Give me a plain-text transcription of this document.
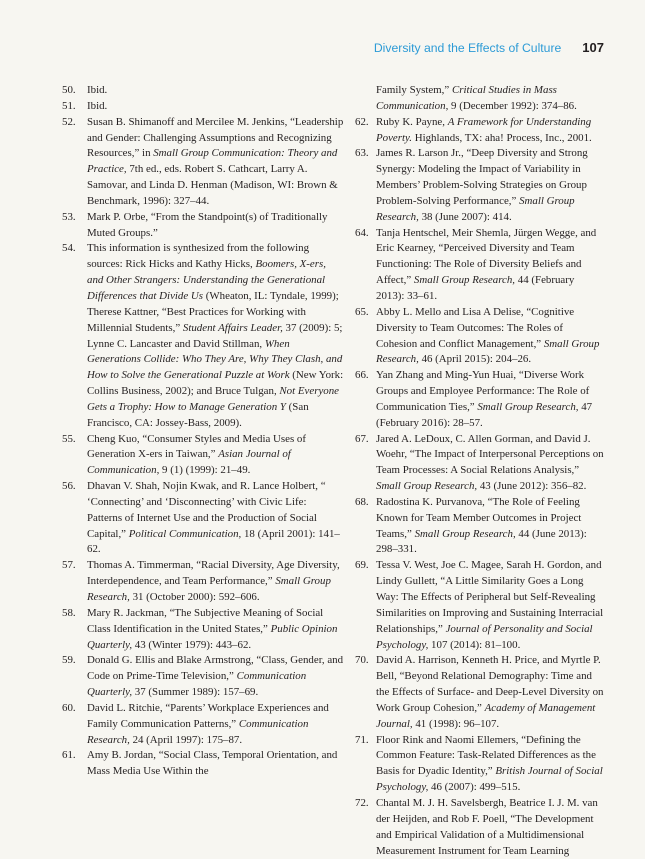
Diversity and the Effects of Culture 107
50. Ibid.
51. Ibid.
52. Susan B. Shimanoff and Mercilee M. Jenkins, “Leadership and Gender: Challenging Assumptions and Recognizing Resources,” in Small Group Communication: Theory and Practice, 7th ed., eds. Robert S. Cathcart, Larry A. Samovar, and Linda D. Henman (Madison, WI: Brown & Benchmark, 1996): 327–44.
53. Mark P. Orbe, “From the Standpoint(s) of Traditionally Muted Groups.”
54. This information is synthesized from the following sources: Rick Hicks and Kathy Hicks, Boomers, X-ers, and Other Strangers: Understanding the Generational Differences that Divide Us (Wheaton, IL: Tyndale, 1999); Therese Kattner, “Best Practices for Working with Millennial Students,” Student Affairs Leader, 37 (2009): 5; Lynne C. Lancaster and David Stillman, When Generations Collide: Who They Are, Why They Clash, and How to Solve the Generational Puzzle at Work (New York: Collins Business, 2002); and Bruce Tulgan, Not Everyone Gets a Trophy: How to Manage Generation Y (San Francisco, CA: Jossey-Bass, 2009).
55. Cheng Kuo, “Consumer Styles and Media Uses of Generation X-ers in Taiwan,” Asian Journal of Communication, 9 (1) (1999): 21–49.
56. Dhavan V. Shah, Nojin Kwak, and R. Lance Holbert, “ ‘Connecting’ and ‘Disconnecting’ with Civic Life: Patterns of Internet Use and the Production of Social Capital,” Political Communication, 18 (April 2001): 141–62.
57. Thomas A. Timmerman, “Racial Diversity, Age Diversity, Interdependence, and Team Performance,” Small Group Research, 31 (October 2000): 592–606.
58. Mary R. Jackman, “The Subjective Meaning of Social Class Identification in the United States,” Public Opinion Quarterly, 43 (Winter 1979): 443–62.
59. Donald G. Ellis and Blake Armstrong, “Class, Gender, and Code on Prime-Time Television,” Communication Quarterly, 37 (Summer 1989): 157–69.
60. David L. Ritchie, “Parents’ Workplace Experiences and Family Communication Patterns,” Communication Research, 24 (April 1997): 175–87.
61. Amy B. Jordan, “Social Class, Temporal Orientation, and Mass Media Use Within the
Family System,” Critical Studies in Mass Communication, 9 (December 1992): 374–86.
62. Ruby K. Payne, A Framework for Understanding Poverty. Highlands, TX: aha! Process, Inc., 2001.
63. James R. Larson Jr., “Deep Diversity and Strong Synergy: Modeling the Impact of Variability in Members’ Problem-Solving Strategies on Group Problem-Solving Performance,” Small Group Research, 38 (June 2007): 414.
64. Tanja Hentschel, Meir Shemla, Jürgen Wegge, and Eric Kearney, “Perceived Diversity and Team Functioning: The Role of Diversity Beliefs and Affect,” Small Group Research, 44 (February 2013): 33–61.
65. Abby L. Mello and Lisa A Delise, “Cognitive Diversity to Team Outcomes: The Roles of Cohesion and Conflict Management,” Small Group Research, 46 (April 2015): 204–26.
66. Yan Zhang and Ming-Yun Huai, “Diverse Work Groups and Employee Performance: The Role of Communication Ties,” Small Group Research, 47 (February 2016): 28–57.
67. Jared A. LeDoux, C. Allen Gorman, and David J. Woehr, “The Impact of Interpersonal Perceptions on Team Processes: A Social Relations Analysis,” Small Group Research, 43 (June 2012): 356–82.
68. Radostina K. Purvanova, “The Role of Feeling Known for Team Member Outcomes in Project Teams,” Small Group Research, 44 (June 2013): 298–331.
69. Tessa V. West, Joe C. Magee, Sarah H. Gordon, and Lindy Gullett, “A Little Similarity Goes a Long Way: The Effects of Peripheral but Self-Revealing Similarities on Improving and Sustaining Interracial Relationships,” Journal of Personality and Social Psychology, 107 (2014): 81–100.
70. David A. Harrison, Kenneth H. Price, and Myrtle P. Bell, “Beyond Relational Demography: Time and the Effects of Surface- and Deep-Level Diversity on Work Group Cohesion,” Academy of Management Journal, 41 (1998): 96–107.
71. Floor Rink and Naomi Ellemers, “Defining the Common Feature: Task-Related Differences as the Basis for Dyadic Identity,” British Journal of Social Psychology, 46 (2007): 499–515.
72. Chantal M. J. H. Savelsbergh, Beatrice I. J. M. van der Heijden, and Rob F. Poell, “The Development and Empirical Validation of a Multidimensional Measurement Instrument for Team Learning
